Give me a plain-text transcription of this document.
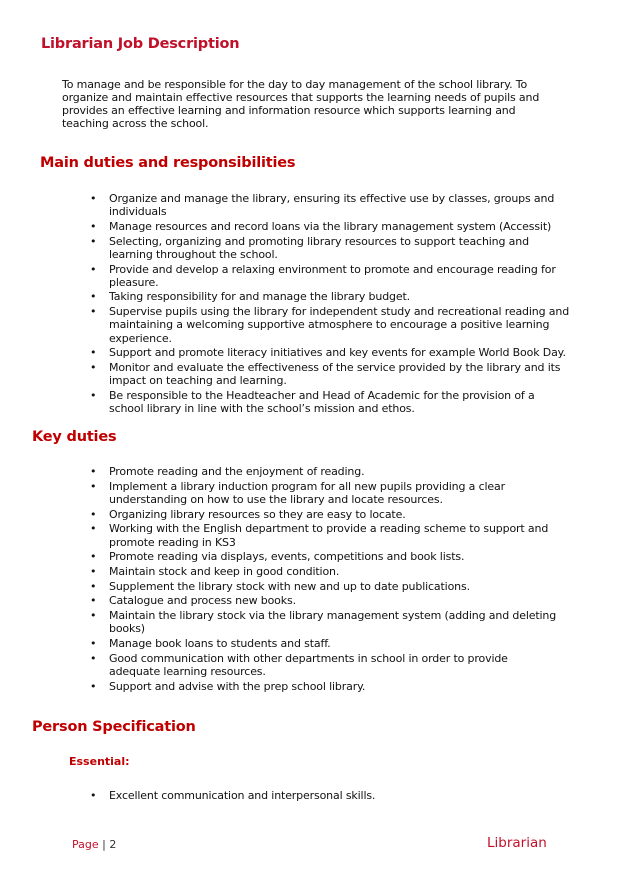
Librarian Job Description

To manage and be responsible for the day to day management of the school library. To organize and maintain effective resources that supports the learning needs of pupils and provides an effective learning and information resource which supports learning and teaching across the school.

Main duties and responsibilities
• Organize and manage the library, ensuring its effective use by classes, groups and individuals
• Manage resources and record loans via the library management system (Accessit)
• Selecting, organizing and promoting library resources to support teaching and learning throughout the school.
• Provide and develop a relaxing environment to promote and encourage reading for pleasure.
• Taking responsibility for and manage the library budget.
• Supervise pupils using the library for independent study and recreational reading and maintaining a welcoming supportive atmosphere to encourage a positive learning experience.
• Support and promote literacy initiatives and key events for example World Book Day.
• Monitor and evaluate the effectiveness of the service provided by the library and its impact on teaching and learning.
• Be responsible to the Headteacher and Head of Academic for the provision of a school library in line with the school’s mission and ethos.
Key duties
• Promote reading and the enjoyment of reading.
• Implement a library induction program for all new pupils providing a clear understanding on how to use the library and locate resources.
• Organizing library resources so they are easy to locate.
• Working with the English department to provide a reading scheme to support and promote reading in KS3
• Promote reading via displays, events, competitions and book lists.
• Maintain stock and keep in good condition.
• Supplement the library stock with new and up to date publications.
• Catalogue and process new books.
• Maintain the library stock via the library management system (adding and deleting books)
• Manage book loans to students and staff.
• Good communication with other departments in school in order to provide adequate learning resources.
• Support and advise with the prep school library.
Person Specification
Essential:
• Excellent communication and interpersonal skills.
Page | 2	Librarian
